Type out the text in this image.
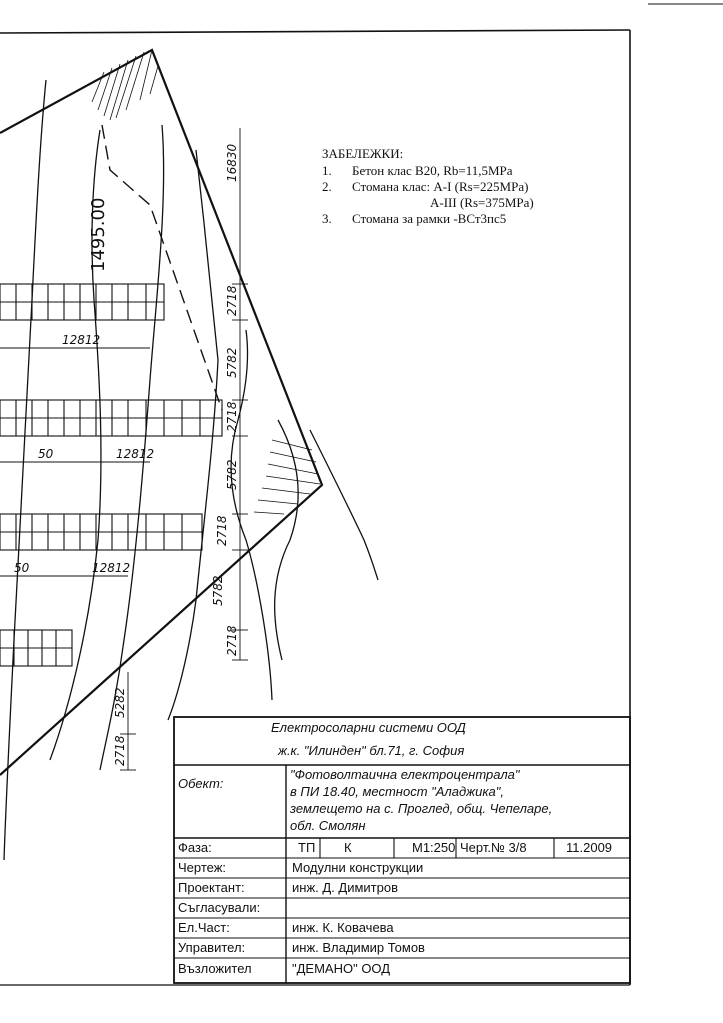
1495.00
16830
2718
5782
2718
5782
2718
5782
2718
5282
2718
12812
12812
12812
50
50
ЗАБЕЛЕЖКИ:
1.	Бетон клас В20, Rb=11,5MPa
2.	Стомана клас: А-I (Rs=225MPa)
А-III (Rs=375MPa)
3.	Стомана за рамки -ВСт3пс5
Електросоларни системи ООД
ж.к. "Илинден" бл.71, г. София
Обект:
"Фотоволтаична електроцентрала"
в ПИ 18.40, местност "Аладжика",
землещето на с. Проглед, общ. Чепеларе,
обл. Смолян
Фаза:	ТП К	М1:250 Черт.№ 3/8	11.2009
Чертеж:	Модулни конструкции
Проектант:	инж. Д. Димитров
Съгласували:
Ел.Част:	инж. К. Ковачева
Управител:	инж. Владимир Томов
Възложител	"ДЕМАНО" ООД
